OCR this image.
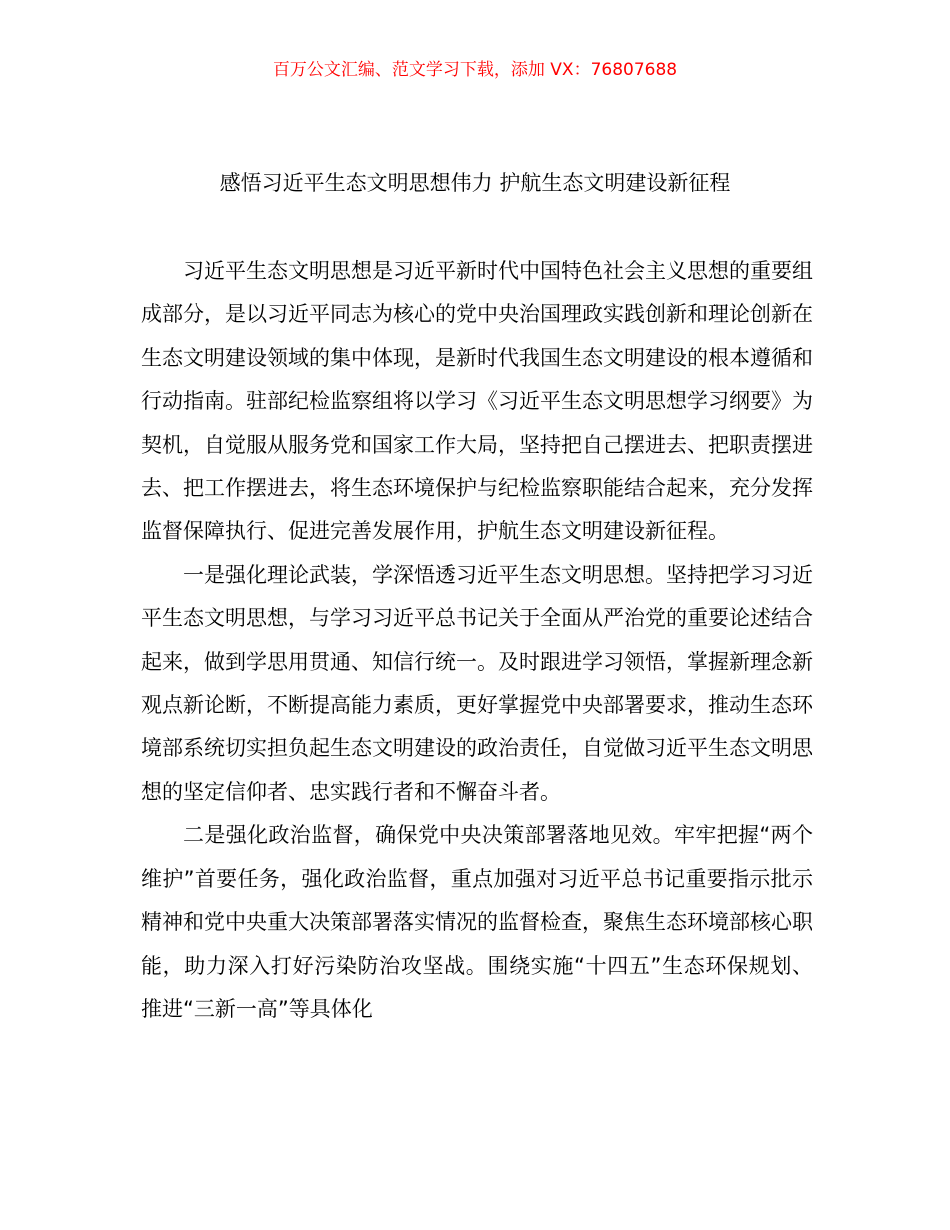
百万公文汇编、范文学习下载，添加 VX：76807688
感悟习近平生态文明思想伟力 护航生态文明建设新征程

习近平生态文明思想是习近平新时代中国特色社会主义思想的重要组成部分，是以习近平同志为核心的党中央治国理政实践创新和理论创新在生态文明建设领域的集中体现，是新时代我国生态文明建设的根本遵循和行动指南。驻部纪检监察组将以学习《习近平生态文明思想学习纲要》为契机，自觉服从服务党和国家工作大局，坚持把自己摆进去、把职责摆进去、把工作摆进去，将生态环境保护与纪检监察职能结合起来，充分发挥监督保障执行、促进完善发展作用，护航生态文明建设新征程。

一是强化理论武装，学深悟透习近平生态文明思想。坚持把学习习近平生态文明思想，与学习习近平总书记关于全面从严治党的重要论述结合起来，做到学思用贯通、知信行统一。及时跟进学习领悟，掌握新理念新观点新论断，不断提高能力素质，更好掌握党中央部署要求，推动生态环境部系统切实担负起生态文明建设的政治责任，自觉做习近平生态文明思想的坚定信仰者、忠实践行者和不懈奋斗者。

二是强化政治监督，确保党中央决策部署落地见效。牢牢把握“两个维护”首要任务，强化政治监督，重点加强对习近平总书记重要指示批示精神和党中央重大决策部署落实情况的监督检查，聚焦生态环境部核心职能，助力深入打好污染防治攻坚战。围绕实施“十四五”生态环保规划、推进“三新一高”等具体化
